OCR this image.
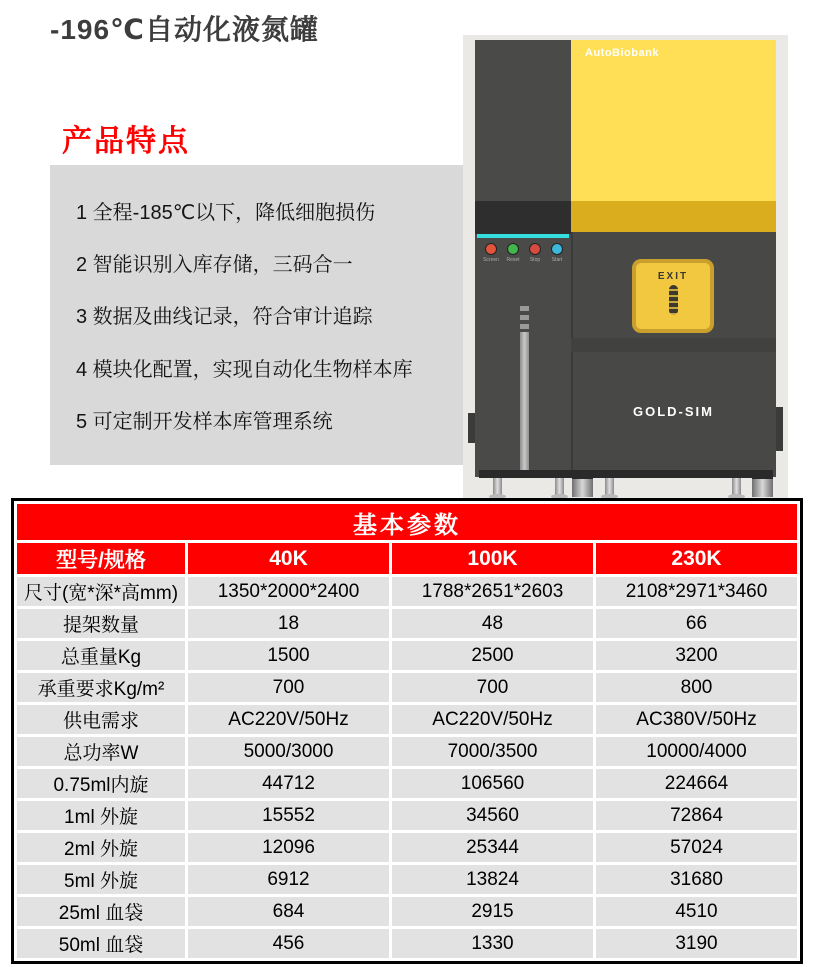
-196℃自动化液氮罐
产品特点
1 全程-185℃以下，降低细胞损伤
2 智能识别入库存储，三码合一
3 数据及曲线记录，符合审计追踪
4 模块化配置，实现自动化生物样本库
5 可定制开发样本库管理系统
Screen Reset Stop Start
AutoBiobank
EXIT
GOLD-SIM
基本参数			
型号/规格	40K	100K	230K
尺寸(宽*深*高mm)	1350*2000*2400	1788*2651*2603	2108*2971*3460
提架数量	18	48	66
总重量Kg	1500	2500	3200
承重要求Kg/m²	700	700	800
供电需求	AC220V/50Hz	AC220V/50Hz	AC380V/50Hz
总功率W	5000/3000	7000/3500	10000/4000
0.75ml内旋	44712	106560	224664
1ml 外旋	15552	34560	72864
2ml 外旋	12096	25344	57024
5ml 外旋	6912	13824	31680
25ml 血袋	684	2915	4510
50ml 血袋	456	1330	3190
